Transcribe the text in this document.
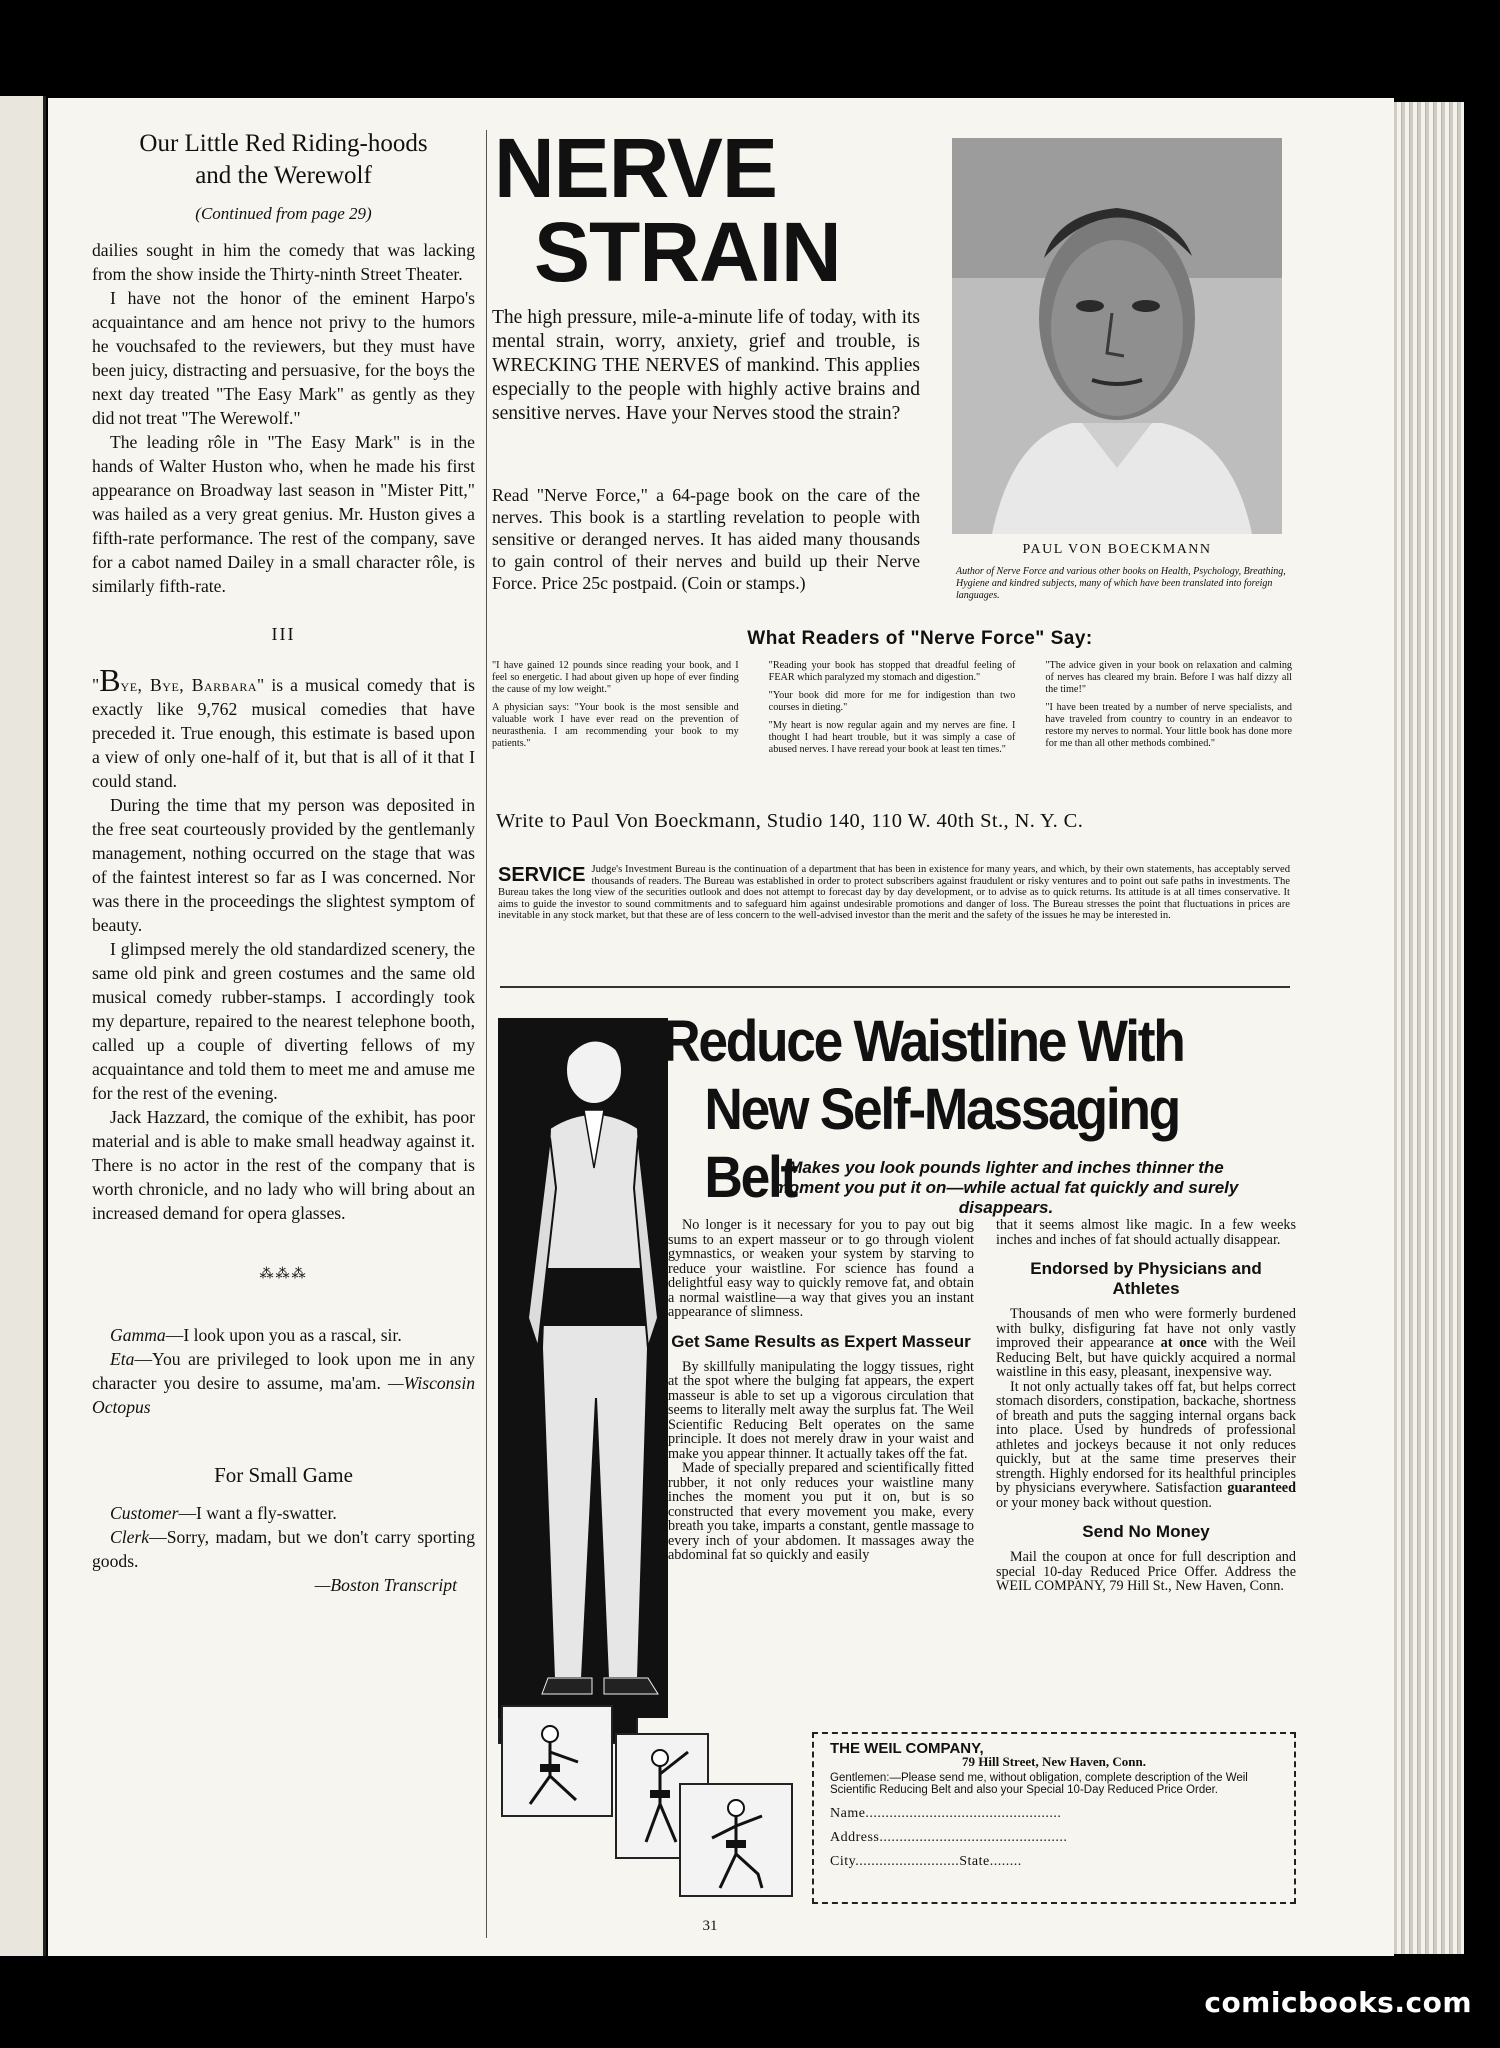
Our Little Red Riding-hoods
and the Werewolf
(Continued from page 29)

dailies sought in him the comedy that was lacking from the show inside the Thirty-ninth Street Theater.

I have not the honor of the eminent Harpo's acquaintance and am hence not privy to the humors he vouchsafed to the reviewers, but they must have been juicy, distracting and persuasive, for the boys the next day treated "The Easy Mark" as gently as they did not treat "The Werewolf."

The leading rôle in "The Easy Mark" is in the hands of Walter Huston who, when he made his first appearance on Broadway last season in "Mister Pitt," was hailed as a very great genius. Mr. Huston gives a fifth-rate performance. The rest of the company, save for a cabot named Dailey in a small character rôle, is similarly fifth-rate.

III

"Bye, Bye, Barbara" is a musical comedy that is exactly like 9,762 musical comedies that have preceded it. True enough, this estimate is based upon a view of only one-half of it, but that is all of it that I could stand.

During the time that my person was deposited in the free seat courteously provided by the gentlemanly management, nothing occurred on the stage that was of the faintest interest so far as I was concerned. Nor was there in the proceedings the slightest symptom of beauty.

I glimpsed merely the old standardized scenery, the same old pink and green costumes and the same old musical comedy rubber-stamps. I accordingly took my departure, repaired to the nearest telephone booth, called up a couple of diverting fellows of my acquaintance and told them to meet me and amuse me for the rest of the evening.

Jack Hazzard, the comique of the exhibit, has poor material and is able to make small headway against it. There is no actor in the rest of the company that is worth chronicle, and no lady who will bring about an increased demand for opera glasses.

⁂⁂⁂

Gamma—I look upon you as a rascal, sir.

Eta—You are privileged to look upon me in any character you desire to assume, ma'am. —Wisconsin Octopus

For Small Game

Customer—I want a fly-swatter.

Clerk—Sorry, madam, but we don't carry sporting goods.

—Boston Transcript

NERVE
STRAIN
The high pressure, mile-a-minute life of today, with its mental strain, worry, anxiety, grief and trouble, is WRECKING THE NERVES of mankind. This applies especially to the people with highly active brains and sensitive nerves. Have your Nerves stood the strain?
Read "Nerve Force," a 64-page book on the care of the nerves. This book is a startling revelation to people with sensitive or deranged nerves. It has aided many thousands to gain control of their nerves and build up their Nerve Force. Price 25c postpaid. (Coin or stamps.)
PAUL VON BOECKMANN
Author of Nerve Force and various other books on Health, Psychology, Breathing, Hygiene and kindred subjects, many of which have been translated into foreign languages.
What Readers of "Nerve Force" Say:

"I have gained 12 pounds since reading your book, and I feel so energetic. I had about given up hope of ever finding the cause of my low weight."

A physician says: "Your book is the most sensible and valuable work I have ever read on the prevention of neurasthenia. I am recommending your book to my patients."

"Reading your book has stopped that dreadful feeling of FEAR which paralyzed my stomach and digestion."

"Your book did more for me for indigestion than two courses in dieting."

"My heart is now regular again and my nerves are fine. I thought I had heart trouble, but it was simply a case of abused nerves. I have reread your book at least ten times."

"The advice given in your book on relaxation and calming of nerves has cleared my brain. Before I was half dizzy all the time!"

"I have been treated by a number of nerve specialists, and have traveled from country to country in an endeavor to restore my nerves to normal. Your little book has done more for me than all other methods combined."

Write to Paul Von Boeckmann, Studio 140, 110 W. 40th St., N. Y. C.
SERVICE Judge's Investment Bureau is the continuation of a department that has been in existence for many years, and which, by their own statements, has acceptably served thousands of readers. The Bureau was established in order to protect subscribers against fraudulent or risky ventures and to point out safe paths in investments. The Bureau takes the long view of the securities outlook and does not attempt to forecast day by day development, or to advise as to quick returns. Its attitude is at all times conservative. It aims to guide the investor to sound commitments and to safeguard him against undesirable promotions and danger of loss. The Bureau stresses the point that fluctuations in prices are inevitable in any stock market, but that these are of less concern to the well-advised investor than the merit and the safety of the issues he may be interested in.
Reduce Waistline With
New Self-Massaging Belt
Makes you look pounds lighter and inches thinner the moment you put it on—while actual fat quickly and surely disappears.

No longer is it necessary for you to pay out big sums to an expert masseur or to go through violent gymnastics, or weaken your system by starving to reduce your waistline. For science has found a delightful easy way to quickly remove fat, and obtain a normal waistline—a way that gives you an instant appearance of slimness.

Get Same Results as Expert Masseur

By skillfully manipulating the loggy tissues, right at the spot where the bulging fat appears, the expert masseur is able to set up a vigorous circulation that seems to literally melt away the surplus fat. The Weil Scientific Reducing Belt operates on the same principle. It does not merely draw in your waist and make you appear thinner. It actually takes off the fat.

Made of specially prepared and scientifically fitted rubber, it not only reduces your waistline many inches the moment you put it on, but is so constructed that every movement you make, every breath you take, imparts a constant, gentle massage to every inch of your abdomen. It massages away the abdominal fat so quickly and easily

that it seems almost like magic. In a few weeks inches and inches of fat should actually disappear.

Endorsed by Physicians and Athletes

Thousands of men who were formerly burdened with bulky, disfiguring fat have not only vastly improved their appearance at once with the Weil Reducing Belt, but have quickly acquired a normal waistline in this easy, pleasant, inexpensive way.

It not only actually takes off fat, but helps correct stomach disorders, constipation, backache, shortness of breath and puts the sagging internal organs back into place. Used by hundreds of professional athletes and jockeys because it not only reduces quickly, but at the same time preserves their strength. Highly endorsed for its healthful principles by physicians everywhere. Satisfaction guaranteed or your money back without question.

Send No Money

Mail the coupon at once for full description and special 10-day Reduced Price Offer. Address the WEIL COMPANY, 79 Hill St., New Haven, Conn.

THE WEIL COMPANY,
79 Hill Street, New Haven, Conn.
Gentlemen:—Please send me, without obligation, complete description of the Weil Scientific Reducing Belt and also your Special 10-Day Reduced Price Order.
Name.................................................
Address...............................................
City..........................State........
31
comicbooks.com
